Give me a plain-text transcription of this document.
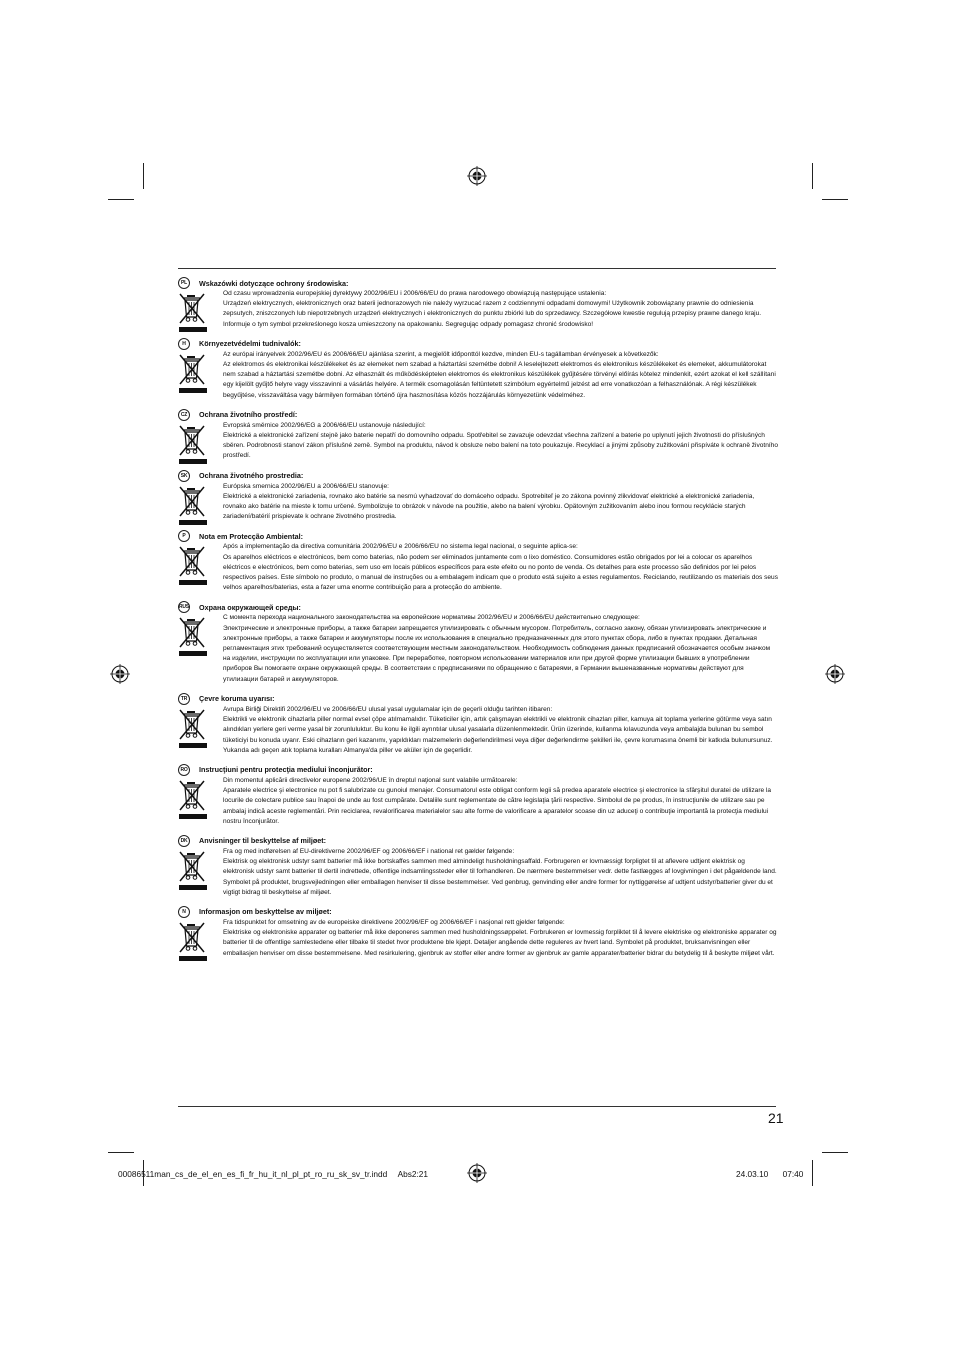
PL	Wskazówki dotyczące ochrony środowiska:

Od czasu wprowadzenia europejskiej dyrektywy 2002/96/EU i 2006/66/EU do prawa narodowego obowiązują następujące ustalenia:

Urządzeń elektrycznych, elektronicznych oraz baterii jednorazowych nie należy wyrzucać razem z codziennymi odpadami domowymi! Użytkownik zobowiązany prawnie do odniesienia zepsutych, zniszczonych lub niepotrzebnych urządzeń elektrycznych i elektronicznych do punktu zbiórki lub do sprzedawcy. Szczegółowe kwestie regulują przepisy prawne danego kraju. Informuje o tym symbol przekreślonego kosza umieszczony na opakowaniu. Segregując odpady pomagasz chronić środowisko!

H	Környezetvédelmi tudnivalók:

Az európai irányelvek 2002/96/EU és 2006/66/EU ajánlása szerint, a megjelölt időponttól kezdve, minden EU-s tagállamban érvényesek a következők:

Az elektromos és elektronikai készülékeket és az elemeket nem szabad a háztartási szemétbe dobni! A leselejtezett elektromos és elektronikus készülékeket és elemeket, akkumulátorokat nem szabad a háztartási szemétbe dobni. Az elhasznált és működésképtelen elektromos és elektronikus készülékek gyűjtésére törvényi előírás kötelez mindenkit, ezért azokat el kell szállítani egy kijelölt gyűjtő helyre vagy visszavinni a vásárlás helyére. A termék csomagolásán feltüntetett szimbólum egyértelmű jelzést ad erre vonatkozóan a felhasználónak. A régi készülékek begyűjtése, visszaváltása vagy bármilyen formában történő újra hasznosítása közös hozzájárulás környezetünk védelméhez.

CZ	Ochrana životního prostředí:

Evropská směrnice 2002/96/EG a 2006/66/EU ustanovuje následující:

Elektrické a elektronické zařízení stejně jako baterie nepatří do domovního odpadu. Spotřebitel se zavazuje odevzdat všechna zařízení a baterie po uplynutí jejich životnosti do příslušných sběren. Podrobnosti stanoví zákon příslušné země. Symbol na produktu, návod k obsluze nebo balení na toto poukazuje. Recyklací a jinými způsoby zužitkování přispíváte k ochraně životního prostředí.

SK	Ochrana životného prostredia:

Európska smernica 2002/96/EU a 2006/66/EU stanovuje:

Elektrické a elektronické zariadenia, rovnako ako batérie sa nesmú vyhadzovať do domáceho odpadu. Spotrebiteľ je zo zákona povinný zlikvidovať elektrické a elektronické zariadenia, rovnako ako batérie na mieste k tomu určené. Symbolizuje to obrázok v návode na použitie, alebo na balení výrobku. Opätovným zužitkovaním alebo inou formou recyklácie starých zariadení/batérií prispievate k ochrane životného prostredia.

P	Nota em Protecção Ambiental:

Após a implementação da directiva comunitária 2002/96/EU e 2006/66/EU no sistema legal nacional, o seguinte aplica-se:

Os aparelhos eléctricos e electrónicos, bem como baterias, não podem ser eliminados juntamente com o lixo doméstico. Consumidores estão obrigados por lei a colocar os aparelhos eléctricos e electrónicos, bem como baterias, sem uso em locais públicos específicos para este efeito ou no ponto de venda. Os detalhes para este processo são definidos por lei pelos respectivos países. Este símbolo no produto, o manual de instruções ou a embalagem indicam que o produto está sujeito a estes regulamentos. Reciclando, reutilizando os materiais dos seus velhos aparelhos/baterias, esta a fazer uma enorme contribuição para a protecção do ambiente.

RUS Охрана окружающей среды:

С момента перехода национального законодательства на европейские нормативы 2002/96/EU и 2006/66/EU действительно следующее:

Электрические и электронные приборы, а также батареи запрещается утилизировать с обычным мусором. Потребитель, согласно закону, обязан утилизировать электрические и электронные приборы, а также батареи и аккумуляторы после их использования в специально предназначенных для этого пунктах сбора, либо в пунктах продажи. Детальная регламентация этих требований осуществляется соответствующим местным законодательством. Необходимость соблюдения данных предписаний обозначается особым значком на изделии, инструкции по эксплуатации или упаковке. При переработке, повторном использовании материалов или при другой форме утилизации бывших в употреблении приборов Вы помогаете охране окружающей среды. В соответствии с предписаниями по обращению с батареями, в Германии вышеназванные нормативы действуют для утилизации батарей и аккумуляторов.

TR	Çevre koruma uyarısı:

Avrupa Birliği Direktifi 2002/96/EU ve 2006/66/EU ulusal yasal uygulamalar için de geçerli olduğu tarihten itibaren:

Elektrikli ve elektronik cihazlarla piller normal evsel çöpe atılmamalıdır. Tüketiciler için, artık çalışmayan elektrikli ve elektronik cihazları piller, kamuya ait toplama yerlerine götürme veya satın alındıkları yerlere geri verme yasal bir zorunluluktur. Bu konu ile ilgili ayrıntılar ulusal yasalarla düzenlenmektedir. Ürün üzerinde, kullanma kılavuzunda veya ambalajda bulunan bu sembol tüketiciyi bu konuda uyarır. Eski cihazların geri kazanımı, yapıldıkları malzemelerin değerlendirilmesi veya diğer değerlendirme şekilleri ile, çevre korumasına önemli bir katkıda bulunursunuz. Yukarıda adı geçen atık toplama kuralları Almanya'da piller ve aküler için de geçerlidir.

RO	Instrucţiuni pentru protecţia mediului înconjurător:

Din momentul aplicării directivelor europene 2002/96/UE în dreptul naţional sunt valabile următoarele:

Aparatele electrice şi electronice nu pot fi salubrizate cu gunoiul menajer. Consumatorul este obligat conform legii să predea aparatele electrice şi electronice la sfârşitul duratei de utilizare la locurile de colectare publice sau înapoi de unde au fost cumpărate. Detaliile sunt reglementate de către legislaţia ţării respective. Simbolul de pe produs, în instrucţiunile de utilizare sau pe ambalaj indică aceste reglementări. Prin reciclarea, revalorificarea materialelor sau alte forme de valorificare a aparatelor scoase din uz aduceţi o contribuţie importantă la protecţia mediului nostru înconjurător.

DK	Anvisninger til beskyttelse af miljøet:

Fra og med indførelsen af EU-direktiverne 2002/96/EF og 2006/66/EF i national ret gælder følgende:

Elektrisk og elektronisk udstyr samt batterier må ikke bortskaffes sammen med almindeligt husholdningsaffald. Forbrugeren er lovmæssigt forpligtet til at aflevere udtjent elektrisk og elektronisk udstyr samt batterier til dertil indrettede, offentlige indsamlingssteder eller til forhandleren. De nærmere bestemmelser vedr. dette fastlægges af lovgivningen i det pågældende land. Symbolet på produktet, brugsvejledningen eller emballagen henviser til disse bestemmelser. Ved genbrug, genvinding eller andre former for nyttiggørelse af udtjent udstyr/batterier giver du et vigtigt bidrag til beskyttelse af miljøet.

N	Informasjon om beskyttelse av miljøet:

Fra tidspunktet for omsetning av de europeiske direktivene 2002/96/EF og 2006/66/EF i nasjonal rett gjelder følgende:

Elektriske og elektroniske apparater og batterier må ikke deponeres sammen med husholdningssøppelet. Forbrukeren er lovmessig forpliktet til å levere elektriske og elektroniske apparater og batterier til de offentlige samlestedene eller tilbake til stedet hvor produktene ble kjøpt. Detaljer angående dette reguleres av hvert land. Symbolet på produktet, bruksanvisningen eller emballasjen henviser om disse bestemmelsene. Med resirkulering, gjenbruk av stoffer eller andre former av gjenbruk av gamle apparater/batterier bidrar du betydelig til å beskytte miljøet vårt.

21
00086511man_cs_de_el_en_es_fi_fr_hu_it_nl_pl_pt_ro_ru_sk_sv_tr.indd Abs2:21	24.03.10 07:40
